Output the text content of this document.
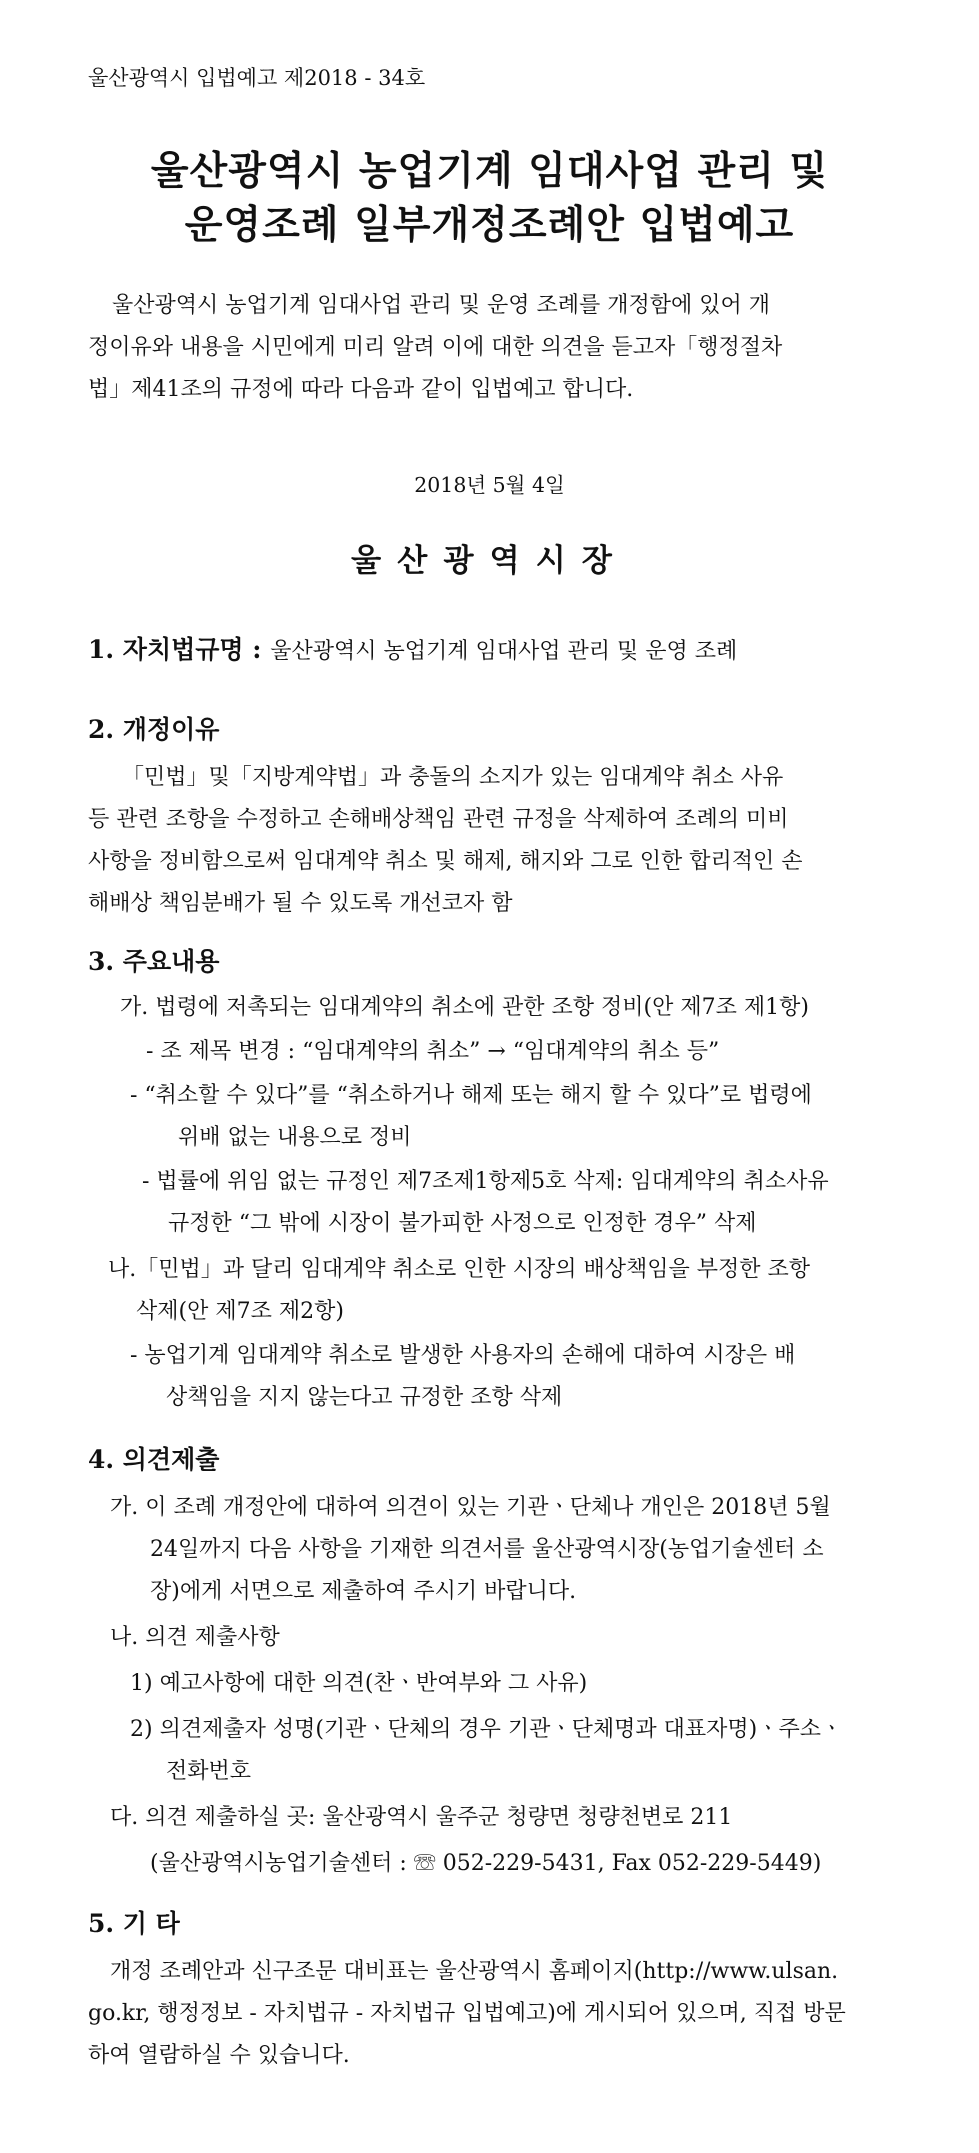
울산광역시 입법예고 제2018 - 34호
울산광역시 농업기계 임대사업 관리 및
운영조례 일부개정조례안 입법예고
울산광역시 농업기계 임대사업 관리 및 운영 조례를 개정함에 있어 개
정이유와 내용을 시민에게 미리 알려 이에 대한 의견을 듣고자「행정절차
법」제41조의 규정에 따라 다음과 같이 입법예고 합니다.
2018년 5월 4일
울산광역시장
1. 자치법규명 : 울산광역시 농업기계 임대사업 관리 및 운영 조례
2. 개정이유
「민법」및「지방계약법」과 충돌의 소지가 있는 임대계약 취소 사유
등 관련 조항을 수정하고 손해배상책임 관련 규정을 삭제하여 조례의 미비
사항을 정비함으로써 임대계약 취소 및 해제, 해지와 그로 인한 합리적인 손
해배상 책임분배가 될 수 있도록 개선코자 함
3. 주요내용
가. 법령에 저촉되는 임대계약의 취소에 관한 조항 정비(안 제7조 제1항)
- 조 제목 변경 : “임대계약의 취소” → “임대계약의 취소 등”
- “취소할 수 있다”를 “취소하거나 해제 또는 해지 할 수 있다”로 법령에
위배 없는 내용으로 정비
- 법률에 위임 없는 규정인 제7조제1항제5호 삭제: 임대계약의 취소사유
규정한 “그 밖에 시장이 불가피한 사정으로 인정한 경우” 삭제
나.「민법」과 달리 임대계약 취소로 인한 시장의 배상책임을 부정한 조항
삭제(안 제7조 제2항)
- 농업기계 임대계약 취소로 발생한 사용자의 손해에 대하여 시장은 배
상책임을 지지 않는다고 규정한 조항 삭제
4. 의견제출
가. 이 조례 개정안에 대하여 의견이 있는 기관ㆍ단체나 개인은 2018년 5월
24일까지 다음 사항을 기재한 의견서를 울산광역시장(농업기술센터 소
장)에게 서면으로 제출하여 주시기 바랍니다.
나. 의견 제출사항
1) 예고사항에 대한 의견(찬ㆍ반여부와 그 사유)
2) 의견제출자 성명(기관ㆍ단체의 경우 기관ㆍ단체명과 대표자명)ㆍ주소ㆍ
전화번호
다. 의견 제출하실 곳: 울산광역시 울주군 청량면 청량천변로 211
(울산광역시농업기술센터 : ☏ 052-229-5431, Fax 052-229-5449)
5. 기 타
개정 조례안과 신구조문 대비표는 울산광역시 홈페이지(http://www.ulsan.
go.kr, 행정정보 - 자치법규 - 자치법규 입법예고)에 게시되어 있으며, 직접 방문
하여 열람하실 수 있습니다.
